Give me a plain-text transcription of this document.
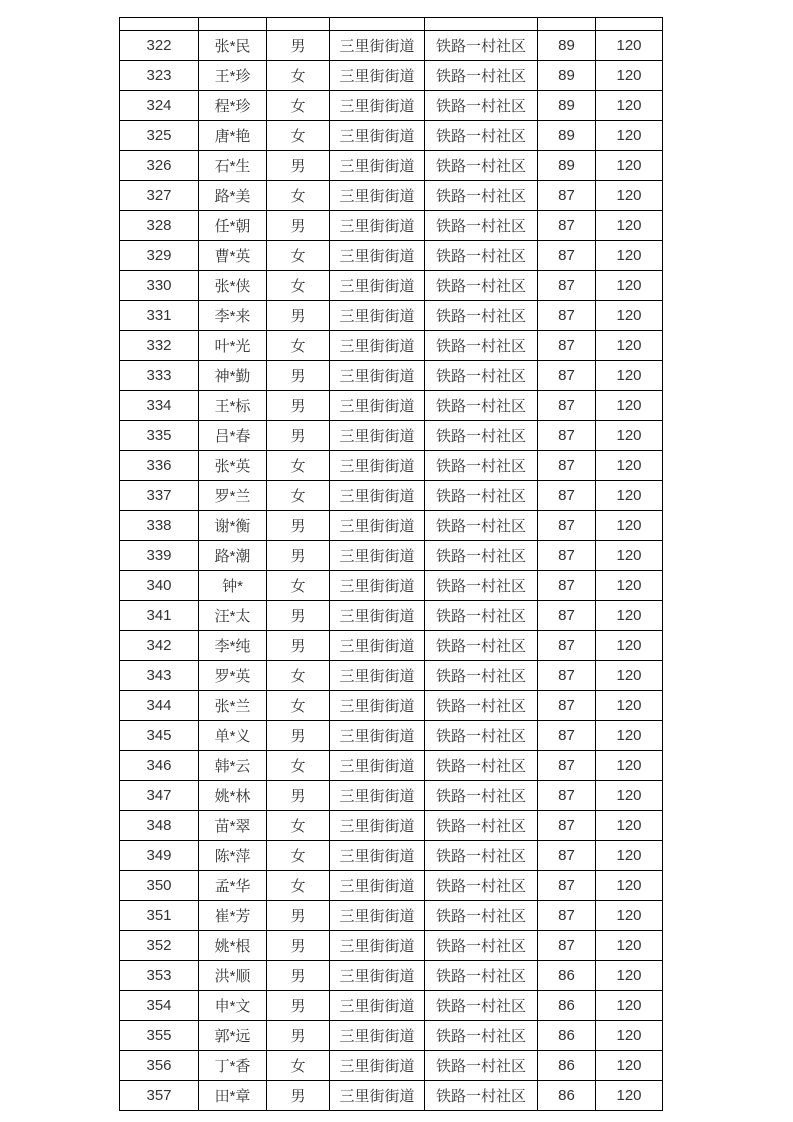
322	张*民	男	三里街街道	铁路一村社区	89	120
323	王*珍	女	三里街街道	铁路一村社区	89	120
324	程*珍	女	三里街街道	铁路一村社区	89	120
325	唐*艳	女	三里街街道	铁路一村社区	89	120
326	石*生	男	三里街街道	铁路一村社区	89	120
327	路*美	女	三里街街道	铁路一村社区	87	120
328	任*朝	男	三里街街道	铁路一村社区	87	120
329	曹*英	女	三里街街道	铁路一村社区	87	120
330	张*侠	女	三里街街道	铁路一村社区	87	120
331	李*来	男	三里街街道	铁路一村社区	87	120
332	叶*光	女	三里街街道	铁路一村社区	87	120
333	神*勤	男	三里街街道	铁路一村社区	87	120
334	王*标	男	三里街街道	铁路一村社区	87	120
335	吕*春	男	三里街街道	铁路一村社区	87	120
336	张*英	女	三里街街道	铁路一村社区	87	120
337	罗*兰	女	三里街街道	铁路一村社区	87	120
338	谢*衡	男	三里街街道	铁路一村社区	87	120
339	路*潮	男	三里街街道	铁路一村社区	87	120
340	钟*	女	三里街街道	铁路一村社区	87	120
341	汪*太	男	三里街街道	铁路一村社区	87	120
342	李*纯	男	三里街街道	铁路一村社区	87	120
343	罗*英	女	三里街街道	铁路一村社区	87	120
344	张*兰	女	三里街街道	铁路一村社区	87	120
345	单*义	男	三里街街道	铁路一村社区	87	120
346	韩*云	女	三里街街道	铁路一村社区	87	120
347	姚*林	男	三里街街道	铁路一村社区	87	120
348	苗*翠	女	三里街街道	铁路一村社区	87	120
349	陈*萍	女	三里街街道	铁路一村社区	87	120
350	孟*华	女	三里街街道	铁路一村社区	87	120
351	崔*芳	男	三里街街道	铁路一村社区	87	120
352	姚*根	男	三里街街道	铁路一村社区	87	120
353	洪*顺	男	三里街街道	铁路一村社区	86	120
354	申*文	男	三里街街道	铁路一村社区	86	120
355	郭*远	男	三里街街道	铁路一村社区	86	120
356	丁*香	女	三里街街道	铁路一村社区	86	120
357	田*章	男	三里街街道	铁路一村社区	86	120
